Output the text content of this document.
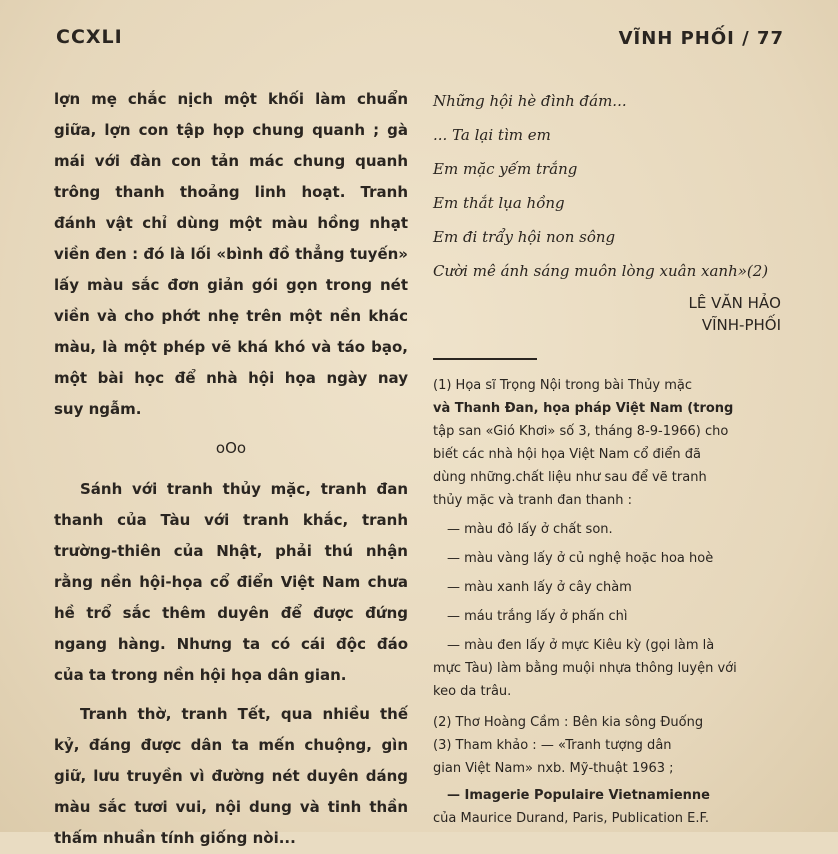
CCXLI	VĨNH PHỐI / 77

lợn mẹ chắc nịch một khối làm chuẩn
giữa, lợn con tập họp chung quanh ; gà
mái với đàn con tản mác chung quanh
trông thanh thoảng linh hoạt. Tranh
đánh vật chỉ dùng một màu hồng nhạt
viền đen : đó là lối «bình đồ thẳng tuyến»
lấy màu sắc đơn giản gói gọn trong nét
viền và cho phớt nhẹ trên một nền khác
màu, là một phép vẽ khá khó và táo bạo,
một bài học để nhà hội họa ngày nay
suy ngẫm.

oOo

Sánh với tranh thủy mặc, tranh đan
thanh của Tàu với tranh khắc, tranh
trường-thiên của Nhật, phải thú nhận
rằng nền hội-họa cổ điển Việt Nam chưa
hề trổ sắc thêm duyên để được đứng
ngang hàng. Nhưng ta có cái độc đáo
của ta trong nền hội họa dân gian.

Tranh thờ, tranh Tết, qua nhiều thế
kỷ, đáng được dân ta mến chuộng, gìn
giữ, lưu truyền vì đường nét duyên dáng
màu sắc tươi vui, nội dung và tinh thần
thấm nhuần tính giống nòi...

Những hội hè đình đám...
... Ta lại tìm em
Em mặc yếm trắng
Em thắt lụa hồng
Em đi trẩy hội non sông
Cười mê ánh sáng muôn lòng xuân xanh»(2)
LÊ VĂN HẢO
VĨNH-PHỐI
(1) Họa sĩ Trọng Nội trong bài Thủy mặc
và Thanh Đan, họa pháp Việt Nam (trong
tập san «Gió Khơi» số 3, tháng 8-9-1966) cho
biết các nhà hội họa Việt Nam cổ điển đã
dùng những.chất liệu như sau để vẽ tranh
thủy mặc và tranh đan thanh :
— màu đỏ lấy ở chất son.
— màu vàng lấy ở củ nghệ hoặc hoa hoè
— màu xanh lấy ở cây chàm
— máu trắng lấy ở phấn chì
— màu đen lấy ở mực Kiêu kỳ (gọi làm là
mực Tàu) làm bằng muội nhựa thông luyện với
keo da trâu.
(2) Thơ Hoàng Cầm : Bên kia sông Đuống
(3) Tham khảo : — «Tranh tượng dân
gian Việt Nam» nxb. Mỹ-thuật 1963 ;
— Imagerie Populaire Vietnamienne
của Maurice Durand, Paris, Publication E.F.
